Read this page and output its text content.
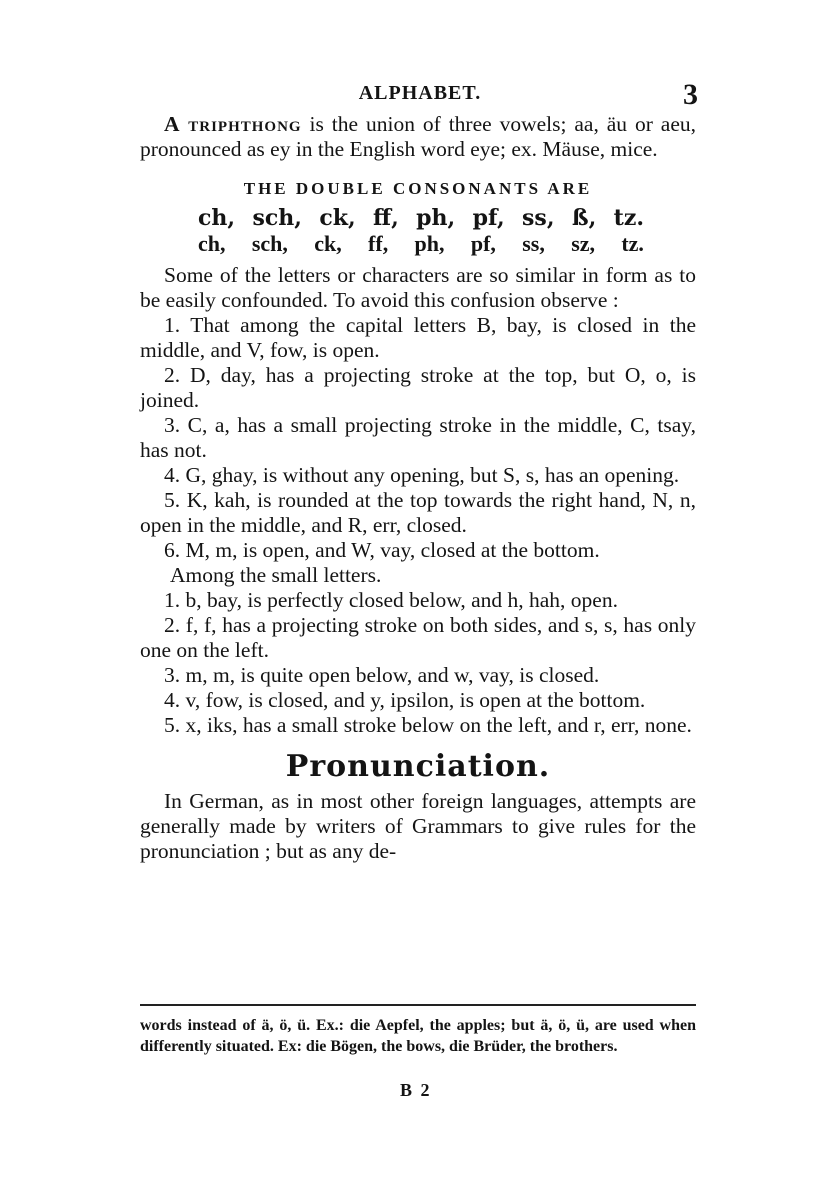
ALPHABET.	3

A triphthong is the union of three vowels; aa, äu or aeu, pronounced as ey in the English word eye; ex. Mäuse, mice.

THE DOUBLE CONSONANTS ARE
ch, sch, ck, ff, ph, pf, ss, ß, tz.
ch, sch, ck, ff, ph, pf, ss, sz, tz.

Some of the letters or characters are so similar in form as to be easily confounded. To avoid this confusion observe :

1. That among the capital letters B, bay, is closed in the middle, and V, fow, is open.

2. D, day, has a projecting stroke at the top, but O, o, is joined.

3. C, a, has a small projecting stroke in the middle, C, tsay, has not.

4. G, ghay, is without any opening, but S, s, has an opening.

5. K, kah, is rounded at the top towards the right hand, N, n, open in the middle, and R, err, closed.

6. M, m, is open, and W, vay, closed at the bottom.

Among the small letters.

1. b, bay, is perfectly closed below, and h, hah, open.

2. f, f, has a projecting stroke on both sides, and s, s, has only one on the left.

3. m, m, is quite open below, and w, vay, is closed.

4. v, fow, is closed, and y, ipsilon, is open at the bottom.

5. x, iks, has a small stroke below on the left, and r, err, none.

Pronunciation.

In German, as in most other foreign languages, attempts are generally made by writers of Grammars to give rules for the pronunciation ; but as any de-

words instead of ä, ö, ü. Ex.: die Aepfel, the apples; but ä, ö, ü, are used when differently situated. Ex: die Bögen, the bows, die Brüder, the brothers.
B 2
